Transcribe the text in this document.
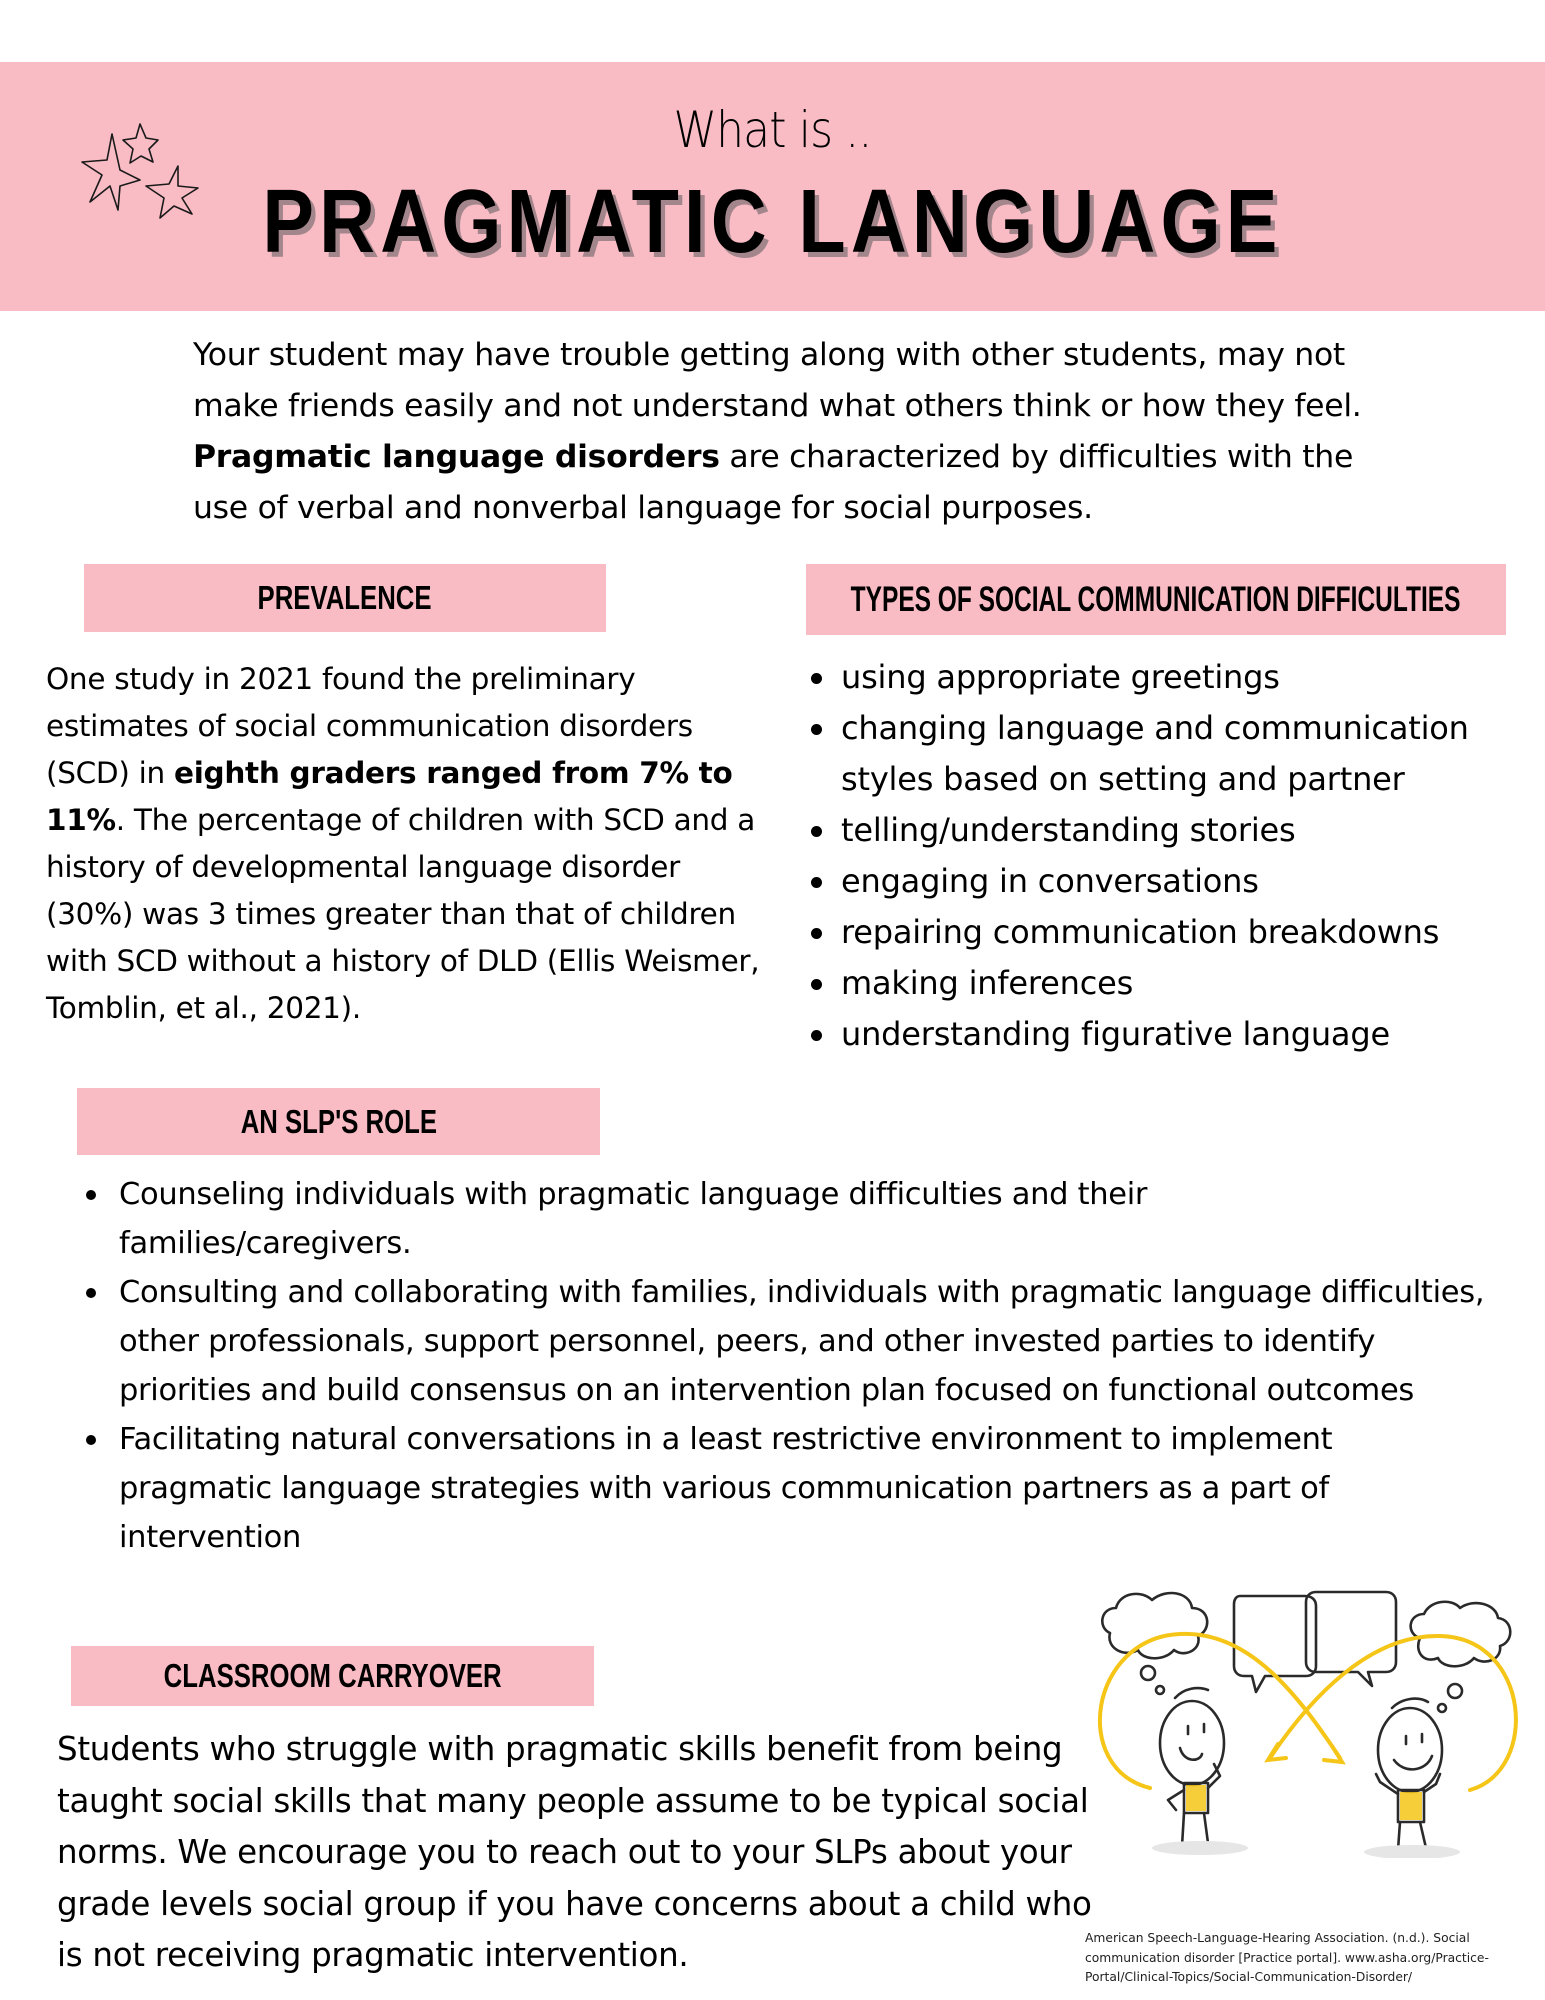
What is ..
PRAGMATIC LANGUAGE
Your student may have trouble getting along with other students, may not make friends easily and not understand what others think or how they feel. Pragmatic language disorders are characterized by difficulties with the use of verbal and nonverbal language for social purposes.
PREVALENCE
One study in 2021 found the preliminary estimates of social communication disorders (SCD) in eighth graders ranged from 7% to 11%. The percentage of children with SCD and a history of developmental language disorder (30%) was 3 times greater than that of children with SCD without a history of DLD (Ellis Weismer, Tomblin, et al., 2021).
TYPES OF SOCIAL COMMUNICATION DIFFICULTIES
using appropriate greetings
changing language and communication styles based on setting and partner
telling/understanding stories
engaging in conversations
repairing communication breakdowns
making inferences
understanding figurative language
AN SLP'S ROLE
Counseling individuals with pragmatic language difficulties and their families/caregivers.
Consulting and collaborating with families, individuals with pragmatic language difficulties, other professionals, support personnel, peers, and other invested parties to identify priorities and build consensus on an intervention plan focused on functional outcomes
Facilitating natural conversations in a least restrictive environment to implement pragmatic language strategies with various communication partners as a part of intervention
CLASSROOM CARRYOVER
Students who struggle with pragmatic skills benefit from being taught social skills that many people assume to be typical social norms. We encourage you to reach out to your SLPs about your grade levels social group if you have concerns about a child who is not receiving pragmatic intervention.	American Speech-Language-Hearing Association. (n.d.). Social communication disorder [Practice portal]. www.asha.org/Practice-Portal/Clinical-Topics/Social-Communication-Disorder/
